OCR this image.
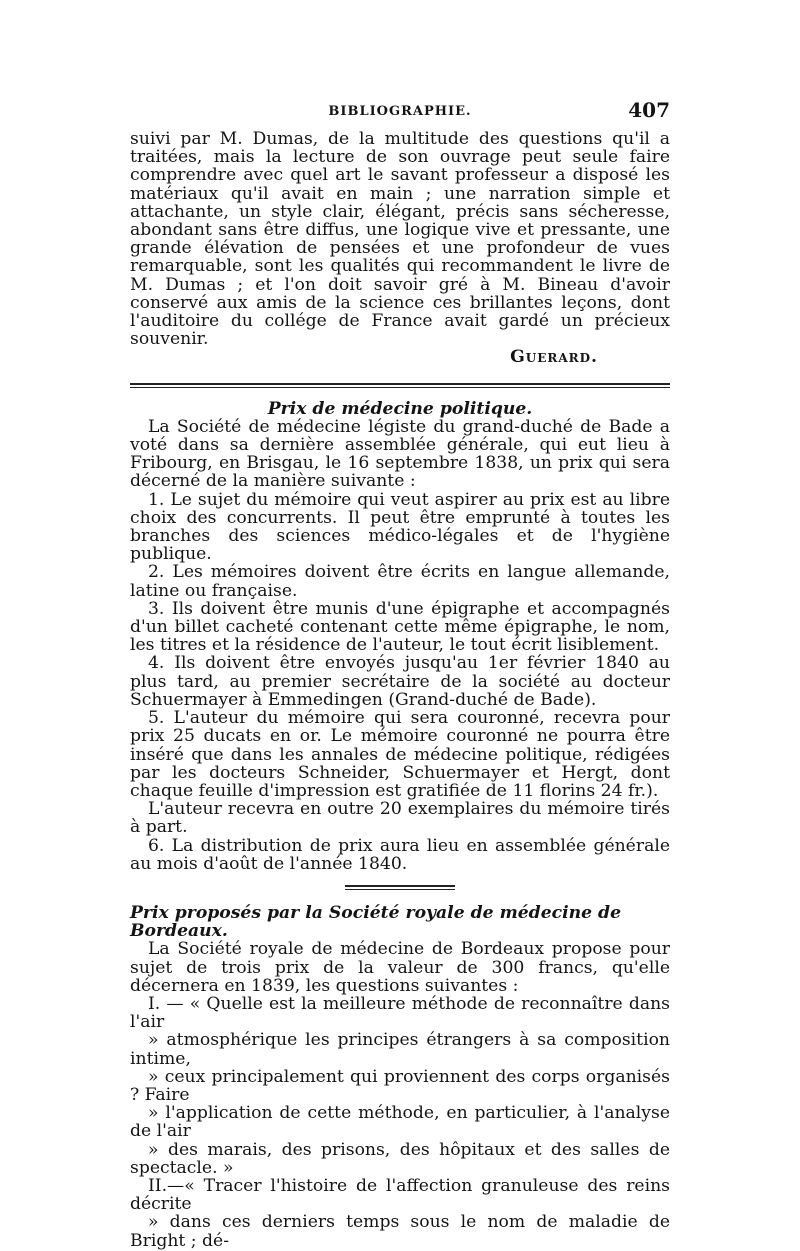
BIBLIOGRAPHIE.	407

suivi par M. Dumas, de la multitude des questions qu'il a traitées, mais la lecture de son ouvrage peut seule faire comprendre avec quel art le savant professeur a disposé les matériaux qu'il avait en main ; une narration simple et attachante, un style clair, élégant, précis sans sécheresse, abondant sans être diffus, une logique vive et pressante, une grande élévation de pensées et une profondeur de vues remarquable, sont les qualités qui recommandent le livre de M. Dumas ; et l'on doit savoir gré à M. Bineau d'avoir conservé aux amis de la science ces brillantes leçons, dont l'auditoire du collége de France avait gardé un précieux souvenir.

Guerard.

Prix de médecine politique.

La Société de médecine légiste du grand-duché de Bade a voté dans sa dernière assemblée générale, qui eut lieu à Fribourg, en Brisgau, le 16 septembre 1838, un prix qui sera décerné de la manière suivante :

1. Le sujet du mémoire qui veut aspirer au prix est au libre choix des concurrents. Il peut être emprunté à toutes les branches des sciences médico-légales et de l'hygiène publique.

2. Les mémoires doivent être écrits en langue allemande, latine ou française.

3. Ils doivent être munis d'une épigraphe et accompagnés d'un billet cacheté contenant cette même épigraphe, le nom, les titres et la résidence de l'auteur, le tout écrit lisiblement.

4. Ils doivent être envoyés jusqu'au 1er février 1840 au plus tard, au premier secrétaire de la société au docteur Schuermayer à Emmedingen (Grand-duché de Bade).

5. L'auteur du mémoire qui sera couronné, recevra pour prix 25 ducats en or. Le mémoire couronné ne pourra être inséré que dans les annales de médecine politique, rédigées par les docteurs Schneider, Schuermayer et Hergt, dont chaque feuille d'impression est gratifiée de 11 florins 24 fr.).

L'auteur recevra en outre 20 exemplaires du mémoire tirés à part.

6. La distribution de prix aura lieu en assemblée générale au mois d'août de l'année 1840.

Prix proposés par la Société royale de médecine de Bordeaux.

La Société royale de médecine de Bordeaux propose pour sujet de trois prix de la valeur de 300 francs, qu'elle décernera en 1839, les questions suivantes :

I. — « Quelle est la meilleure méthode de reconnaître dans l'air
» atmosphérique les principes étrangers à sa composition intime,
» ceux principalement qui proviennent des corps organisés ? Faire
» l'application de cette méthode, en particulier, à l'analyse de l'air
» des marais, des prisons, des hôpitaux et des salles de spectacle. »
II.—« Tracer l'histoire de l'affection granuleuse des reins décrite
» dans ces derniers temps sous le nom de maladie de Bright ; dé-
